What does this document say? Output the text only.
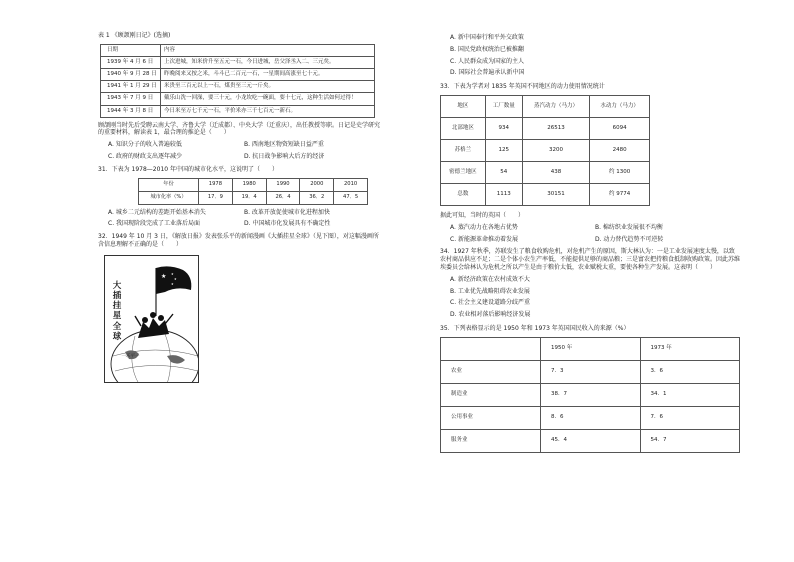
表 1 《顾颉刚日记》(选摘)
日期	内容
1939 年 4 月 6 日	上次进城，知米价升至五元一石，今日进城，岳父泽丞入二、三元矣。
1940 年 9 月 28 日	昨晚阅来又按之米，斗斗已二百元一石，一星期间高涨至七十元。
1941 年 1 月 29 日	米贵至三百元以上一石，煤贵至三元一斤矣。
1943 年 7 月 9 日	戴乐山洗一回澡，要三十元，小龙坎吃一碗面，要十七元，这种生活如何过得！
1944 年 3 月 8 日	今日米至万七千元一石，平价米亦三千七百元一新石。
顾颉刚当时先后受聘云南大学、齐鲁大学（迁成都）、中央大学（迁重庆），出任教授等职。日记是史学研究的重要材料，解读表 1，最合理的推论是（　　）
A. 知识分子的收入普遍较低	B. 西南地区物资短缺日益严重
C. 政府的财政支出逐年减少	D. 抗日战争影响大后方的经济
31．下表为 1978—2010 年中国的城市化水平，这说明了（　　）
年份	1978	1980	1990	2000	2010
城市化率（%）	17．9	19．4	26．4	36．2	47．5
A. 城乡二元结构的差距开始基本消失	B. 改革开放促使城市化进程加快
C. 我国现阶段完成了工业落后局面	D. 中国城市化发展具有不确定性
32．1949 年 10 月 3 日，《解放日报》发表张乐平的新闻漫画《大插挂星全球》（见下图），对这幅漫画所含信息理解不正确的是（　　）
★ ★
★
★
大
插
挂
星
全
球
一乐平一
A. 新中国奉行和平外交政策
B. 国民党政权统治已被推翻
C. 人民群众成为国家的主人
D. 国际社会普遍承认新中国
33．下表为学者对 1835 年英国不同地区的动力使用情况统计
地区	工厂数量	蒸汽动力（马力）	水动力（马力）
北部地区	934	26513	6094
苏格兰	125	3200	2480
密德兰地区	54	438	约 1300
总数	1113	30151	约 9774
据此可知，当时的英国（　　）
A. 蒸汽动力在各地占优势	B. 棉纺织业发展很不均衡
C. 新能源革命推动着发展	D. 动力替代趋势不可逆转
34．1927 年秋季，苏联发生了粮食收购危机，对危机产生的原因，斯大林认为：一是工业发展速度太慢，以致农村商品供应不足；二是个体小农生产率低，不能提供足够的商品粮；三是富农把持粮食抵制收购政策。因此苏维埃委员会给林认为危机之所以产生是由于粮价太低，农业赋税太重，要使各种生产发展。这表明（　　）
A. 新经济政策在农村成效不大
B. 工业优先战略阻碍农业发展
C. 社会主义建设道路分歧严重
D. 农业相对落后影响经济发展
35．下列表格显示的是 1950 年和 1973 年英国国民收入的来源（%）
	1950 年	1973 年
农业	7．3	3．6
制造业	38．7	34．1
公用事业	8．6	7．6
服务业	45．4	54．7
